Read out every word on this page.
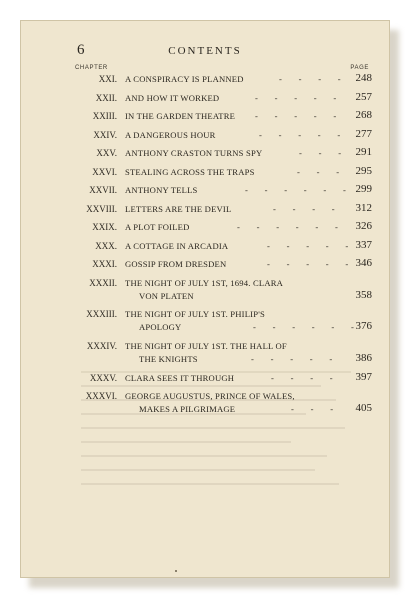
6	CONTENTS
CHAPTER	PAGE
XXI. A CONSPIRACY IS PLANNED	-     -     -     - 248
XXII. AND HOW IT WORKED	-     -     -     -     - 257
XXIII. IN THE GARDEN THEATRE -     -     -     -     - 268
XXIV. A DANGEROUS HOUR	-     -     -     -     - 277
XXV. ANTHONY CRASTON TURNS SPY	-     -     - 291
XXVI. STEALING ACROSS THE TRAPS	-     -     - 295
XXVII. ANTHONY TELLS	-     -     -     -     -     - 299
XXVIII. LETTERS ARE THE DEVIL	-     -     -     - 312
XXIX. A PLOT FOILED	-     -     -     -     -     - 326
XXX. A COTTAGE IN ARCADIA	-     -     -     -     - 337
XXXI. GOSSIP FROM DRESDEN	-     -     -     -     - 346
XXXII. THE NIGHT OF JULY 1ST, 1694. CLARA
VON PLATEN	358
XXXIII. THE NIGHT OF JULY 1ST. PHILIP'S
APOLOGY	-     -     -     -     -     - 376
XXXIV. THE NIGHT OF JULY 1ST. THE HALL OF
THE KNIGHTS	-     -     -     -     - 386
XXXV. CLARA SEES IT THROUGH	-     -     -     - 397
XXXVI. GEORGE AUGUSTUS, PRINCE OF WALES,
MAKES A PILGRIMAGE	-     -     - 405
